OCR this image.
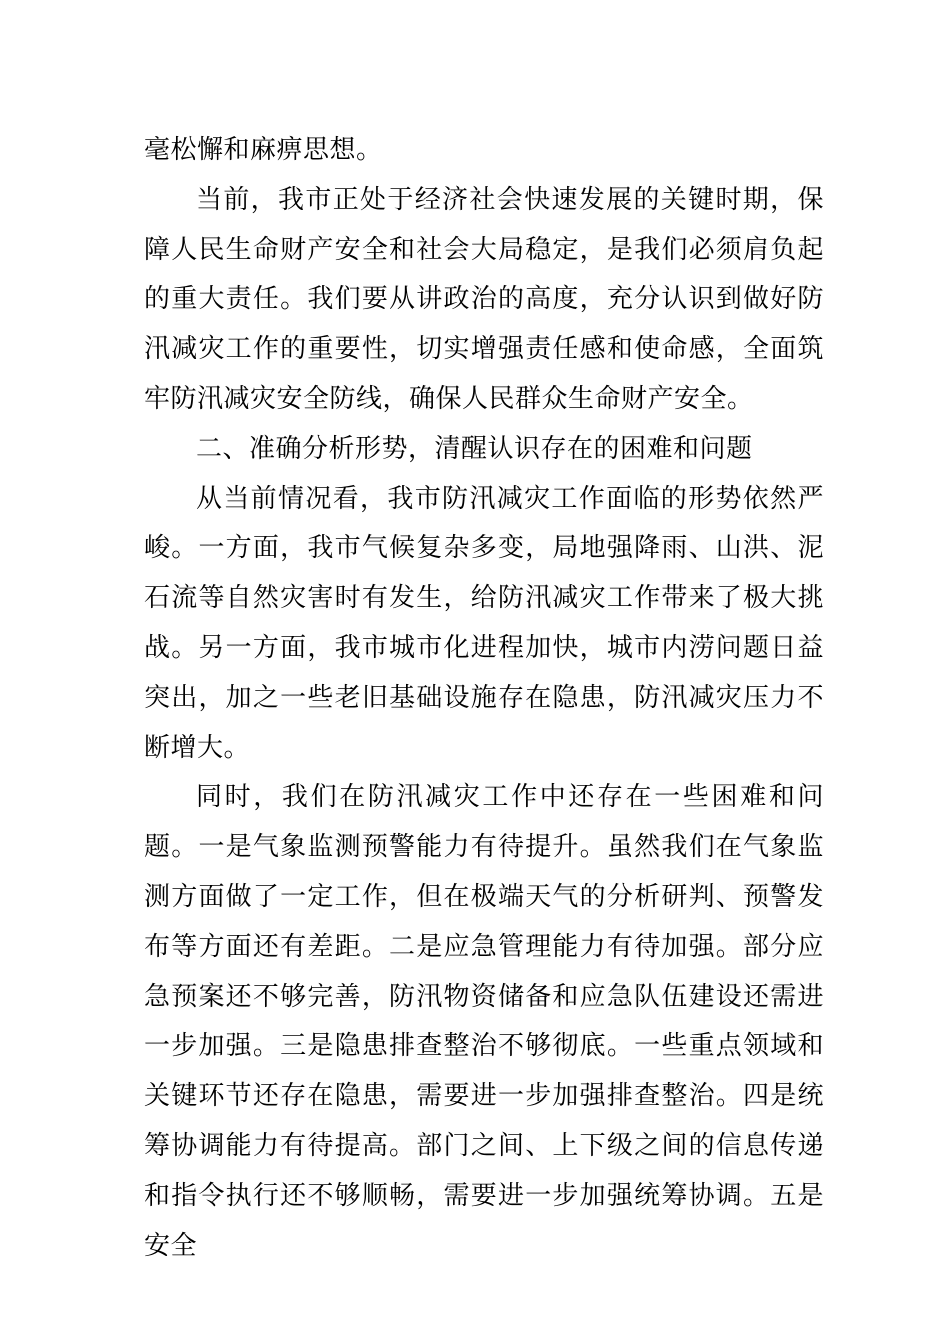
毫松懈和麻痹思想。

当前，我市正处于经济社会快速发展的关键时期，保障人民生命财产安全和社会大局稳定，是我们必须肩负起的重大责任。我们要从讲政治的高度，充分认识到做好防汛减灾工作的重要性，切实增强责任感和使命感，全面筑牢防汛减灾安全防线，确保人民群众生命财产安全。

二、准确分析形势，清醒认识存在的困难和问题

从当前情况看，我市防汛减灾工作面临的形势依然严峻。一方面，我市气候复杂多变，局地强降雨、山洪、泥石流等自然灾害时有发生，给防汛减灾工作带来了极大挑战。另一方面，我市城市化进程加快，城市内涝问题日益突出，加之一些老旧基础设施存在隐患，防汛减灾压力不断增大。

同时，我们在防汛减灾工作中还存在一些困难和问题。一是气象监测预警能力有待提升。虽然我们在气象监测方面做了一定工作，但在极端天气的分析研判、预警发布等方面还有差距。二是应急管理能力有待加强。部分应急预案还不够完善，防汛物资储备和应急队伍建设还需进一步加强。三是隐患排查整治不够彻底。一些重点领域和关键环节还存在隐患，需要进一步加强排查整治。四是统筹协调能力有待提高。部门之间、上下级之间的信息传递和指令执行还不够顺畅，需要进一步加强统筹协调。五是安全
